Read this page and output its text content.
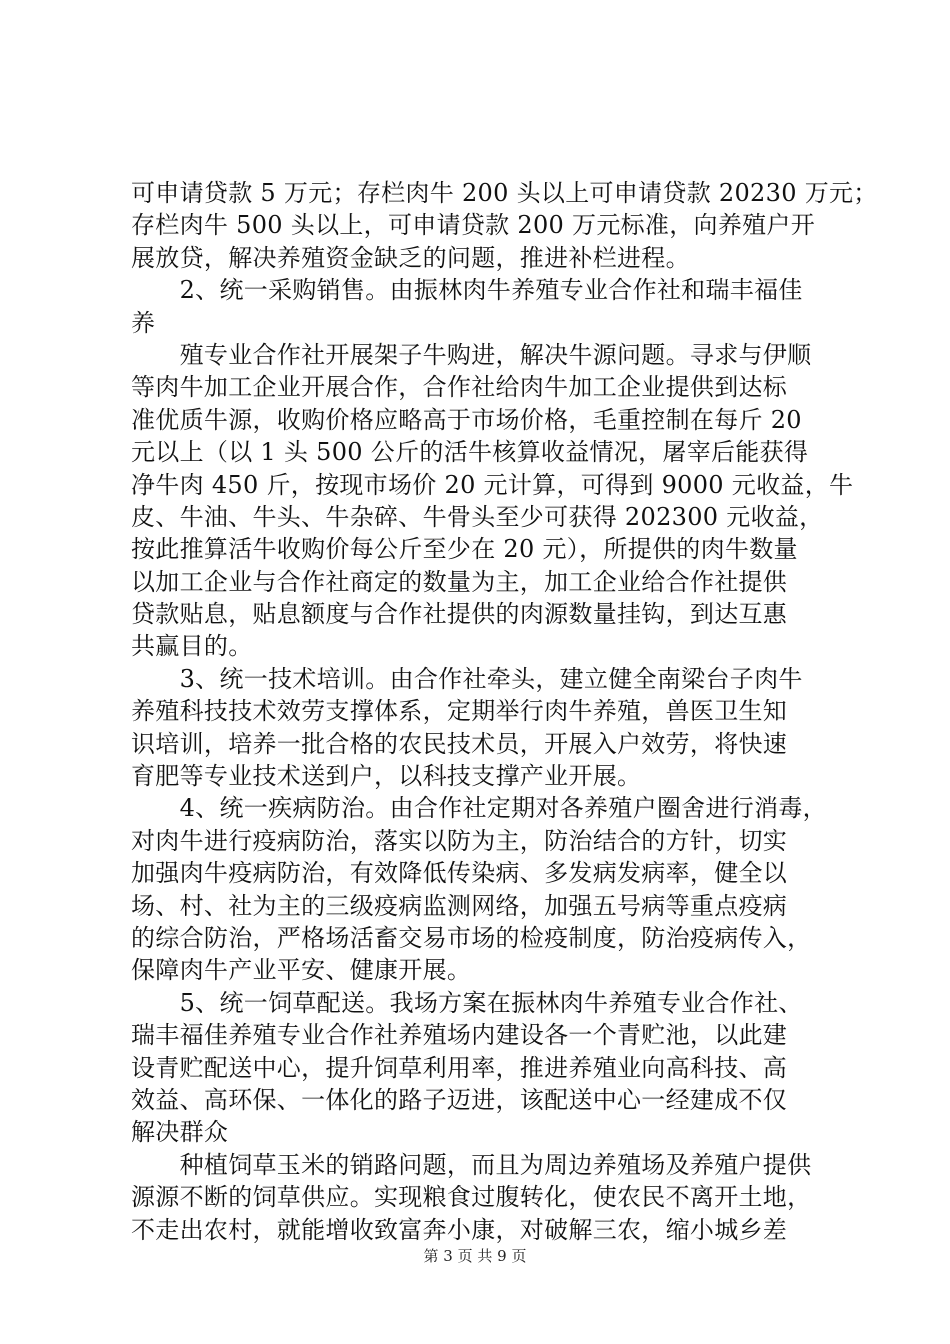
可申请贷款 5 万元；存栏肉牛 200 头以上可申请贷款 20230 万元；
存栏肉牛 500 头以上，可申请贷款 200 万元标准，向养殖户开
展放贷，解决养殖资金缺乏的问题，推进补栏进程。
　　2、统一采购销售。由振林肉牛养殖专业合作社和瑞丰福佳
养
　　殖专业合作社开展架子牛购进，解决牛源问题。寻求与伊顺
等肉牛加工企业开展合作，合作社给肉牛加工企业提供到达标
准优质牛源，收购价格应略高于市场价格，毛重控制在每斤 20
元以上（以 1 头 500 公斤的活牛核算收益情况，屠宰后能获得
净牛肉 450 斤，按现市场价 20 元计算，可得到 9000 元收益，牛
皮、牛油、牛头、牛杂碎、牛骨头至少可获得 202300 元收益，
按此推算活牛收购价每公斤至少在 20 元），所提供的肉牛数量
以加工企业与合作社商定的数量为主，加工企业给合作社提供
贷款贴息，贴息额度与合作社提供的肉源数量挂钩，到达互惠
共赢目的。
　　3、统一技术培训。由合作社牵头，建立健全南梁台子肉牛
养殖科技技术效劳支撑体系，定期举行肉牛养殖，兽医卫生知
识培训，培养一批合格的农民技术员，开展入户效劳，将快速
育肥等专业技术送到户，以科技支撑产业开展。
　　4、统一疾病防治。由合作社定期对各养殖户圈舍进行消毒，
对肉牛进行疫病防治，落实以防为主，防治结合的方针，切实
加强肉牛疫病防治，有效降低传染病、多发病发病率，健全以
场、村、社为主的三级疫病监测网络，加强五号病等重点疫病
的综合防治，严格场活畜交易市场的检疫制度，防治疫病传入，
保障肉牛产业平安、健康开展。
　　5、统一饲草配送。我场方案在振林肉牛养殖专业合作社、
瑞丰福佳养殖专业合作社养殖场内建设各一个青贮池，以此建
设青贮配送中心，提升饲草利用率，推进养殖业向高科技、高
效益、高环保、一体化的路子迈进，该配送中心一经建成不仅
解决群众
　　种植饲草玉米的销路问题，而且为周边养殖场及养殖户提供
源源不断的饲草供应。实现粮食过腹转化，使农民不离开土地，
不走出农村，就能增收致富奔小康，对破解三农，缩小城乡差
第 3 页 共 9 页
